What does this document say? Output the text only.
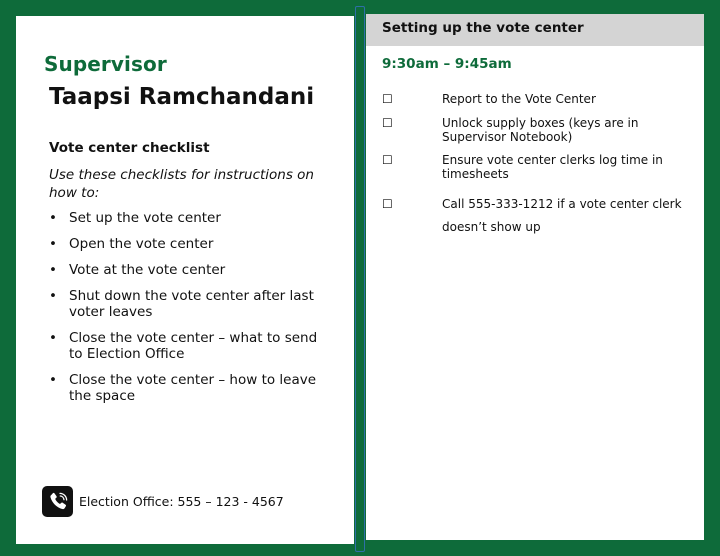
Supervisor
Taapsi Ramchandani

Vote center checklist

Use these checklists for instructions on how to:

• Set up the vote center
• Open the vote center
• Vote at the vote center
• Shut down the vote center after last voter leaves
• Close the vote center – what to send to Election Office
• Close the vote center – how to leave the space
Election Office: 555 – 123 - 4567

Setting up the vote center

9:30am – 9:45am

☐	Report to the Vote Center
☐	Unlock supply boxes (keys are in Supervisor Notebook)
☐	Ensure vote center clerks log time in timesheets
☐	Call 555-333-1212 if a vote center clerk doesn’t show up
